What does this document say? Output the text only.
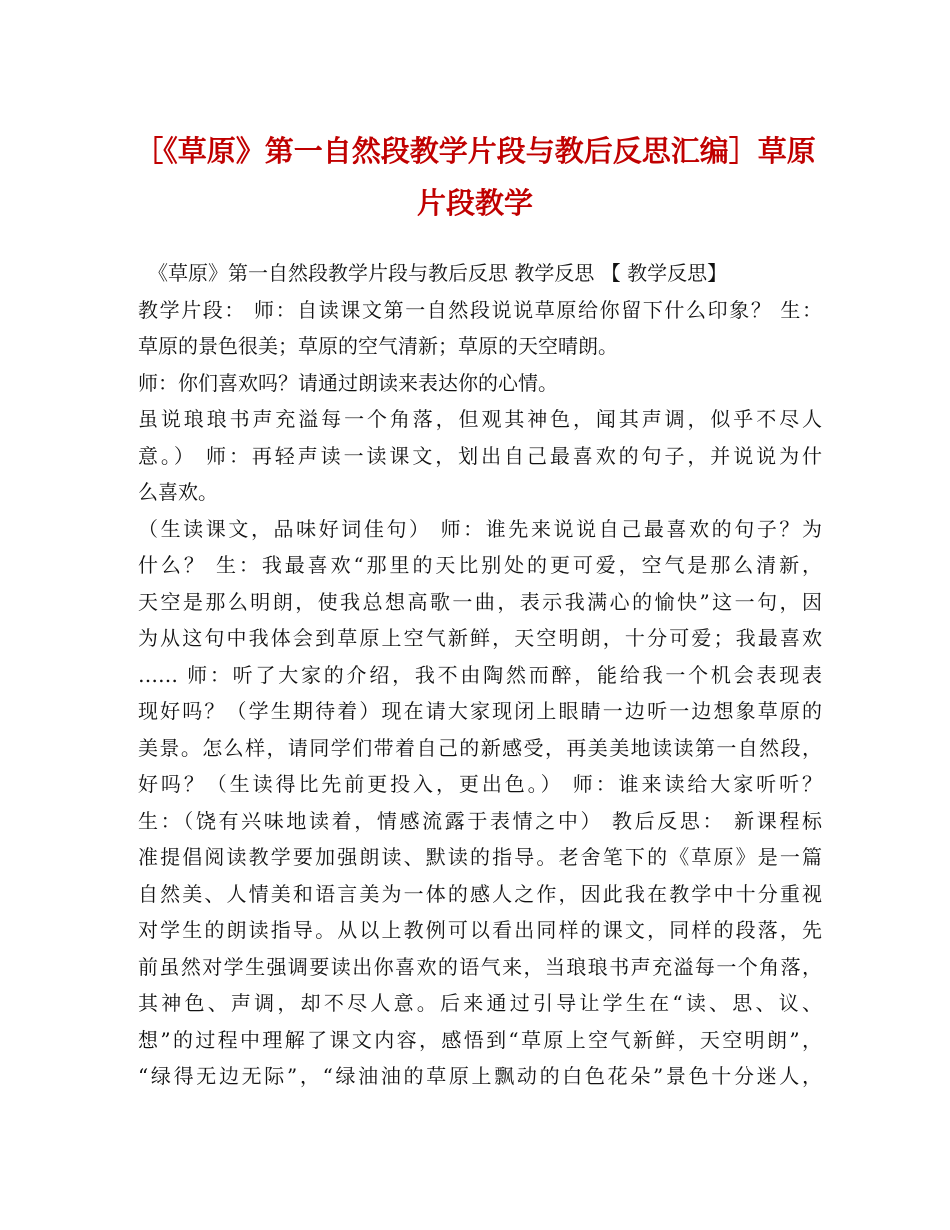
［《草原》第一自然段教学片段与教后反思汇编］草原
片段教学
《草原》第一自然段教学片段与教后反思 教学反思 【 教学反思】
教学片段： 师：自读课文第一自然段说说草原给你留下什么印象？ 生：
草原的景色很美；草原的空气清新；草原的天空晴朗。
师：你们喜欢吗？请通过朗读来表达你的心情。
虽说琅琅书声充溢每一个角落，但观其神色，闻其声调，似乎不尽人
意。） 师：再轻声读一读课文，划出自己最喜欢的句子，并说说为什
么喜欢。
（生读课文，品味好词佳句） 师：谁先来说说自己最喜欢的句子？为
什么？ 生：我最喜欢“那里的天比别处的更可爱，空气是那么清新，
天空是那么明朗，使我总想高歌一曲，表示我满心的愉快”这一句，因
为从这句中我体会到草原上空气新鲜，天空明朗，十分可爱；我最喜欢
…… 师：听了大家的介绍，我不由陶然而醉，能给我一个机会表现表
现好吗？（学生期待着）现在请大家现闭上眼睛一边听一边想象草原的
美景。怎么样，请同学们带着自己的新感受，再美美地读读第一自然段，
好吗？（生读得比先前更投入，更出色。） 师：谁来读给大家听听？
生：（饶有兴味地读着，情感流露于表情之中） 教后反思： 新课程标
准提倡阅读教学要加强朗读、默读的指导。老舍笔下的《草原》是一篇
自然美、人情美和语言美为一体的感人之作，因此我在教学中十分重视
对学生的朗读指导。从以上教例可以看出同样的课文，同样的段落，先
前虽然对学生强调要读出你喜欢的语气来，当琅琅书声充溢每一个角落，
其神色、声调，却不尽人意。后来通过引导让学生在“读、思、议、
想”的过程中理解了课文内容，感悟到“草原上空气新鲜，天空明朗”，
“绿得无边无际”，“绿油油的草原上飘动的白色花朵”景色十分迷人，
